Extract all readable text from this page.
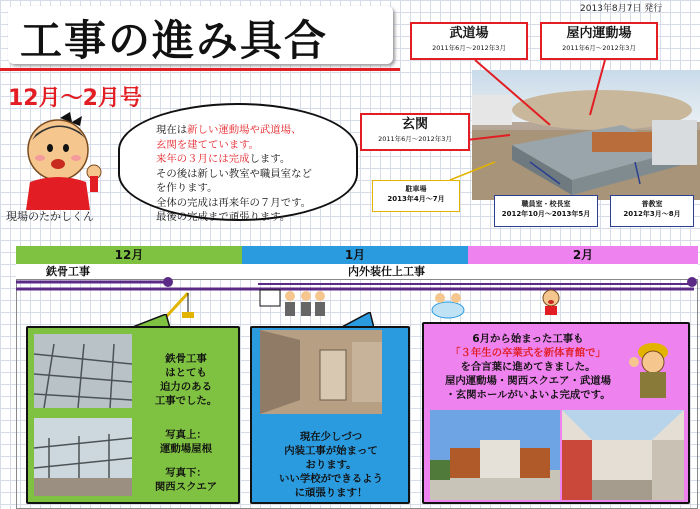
2013年8月7日 発行
工事の進み具合
12月～2月号
現場のたかしくん
現在は新しい運動場や武道場、
玄関を建てています。
来年の３月には完成します。
その後は新しい教室や職員室など
を作ります。
全体の完成は再来年の７月です。
最後の完成まで頑張ります。
武道場
2011年6月～2012年3月
屋内運動場
2011年6月～2012年3月
玄関
2011年6月～2012年3月
駐車場
2013年4月～7月
職員室・校長室
2012年10月～2013年5月
普教室
2012年3月～8月
12月	1月	2月
鉄骨工事	内外装仕上工事
鉄骨工事
はとても
迫力のある
工事でした。
写真上：
運動場屋根
写真下：
関西スクエア
現在少しづつ
内装工事が始まって
おります。
いい学校ができるよう
に頑張ります！
6月から始まった工事も
「３年生の卒業式を新体育館で」
を合言葉に進めてきました。
屋内運動場・関西スクエア・武道場
・玄関ホールがいよいよ完成です。
